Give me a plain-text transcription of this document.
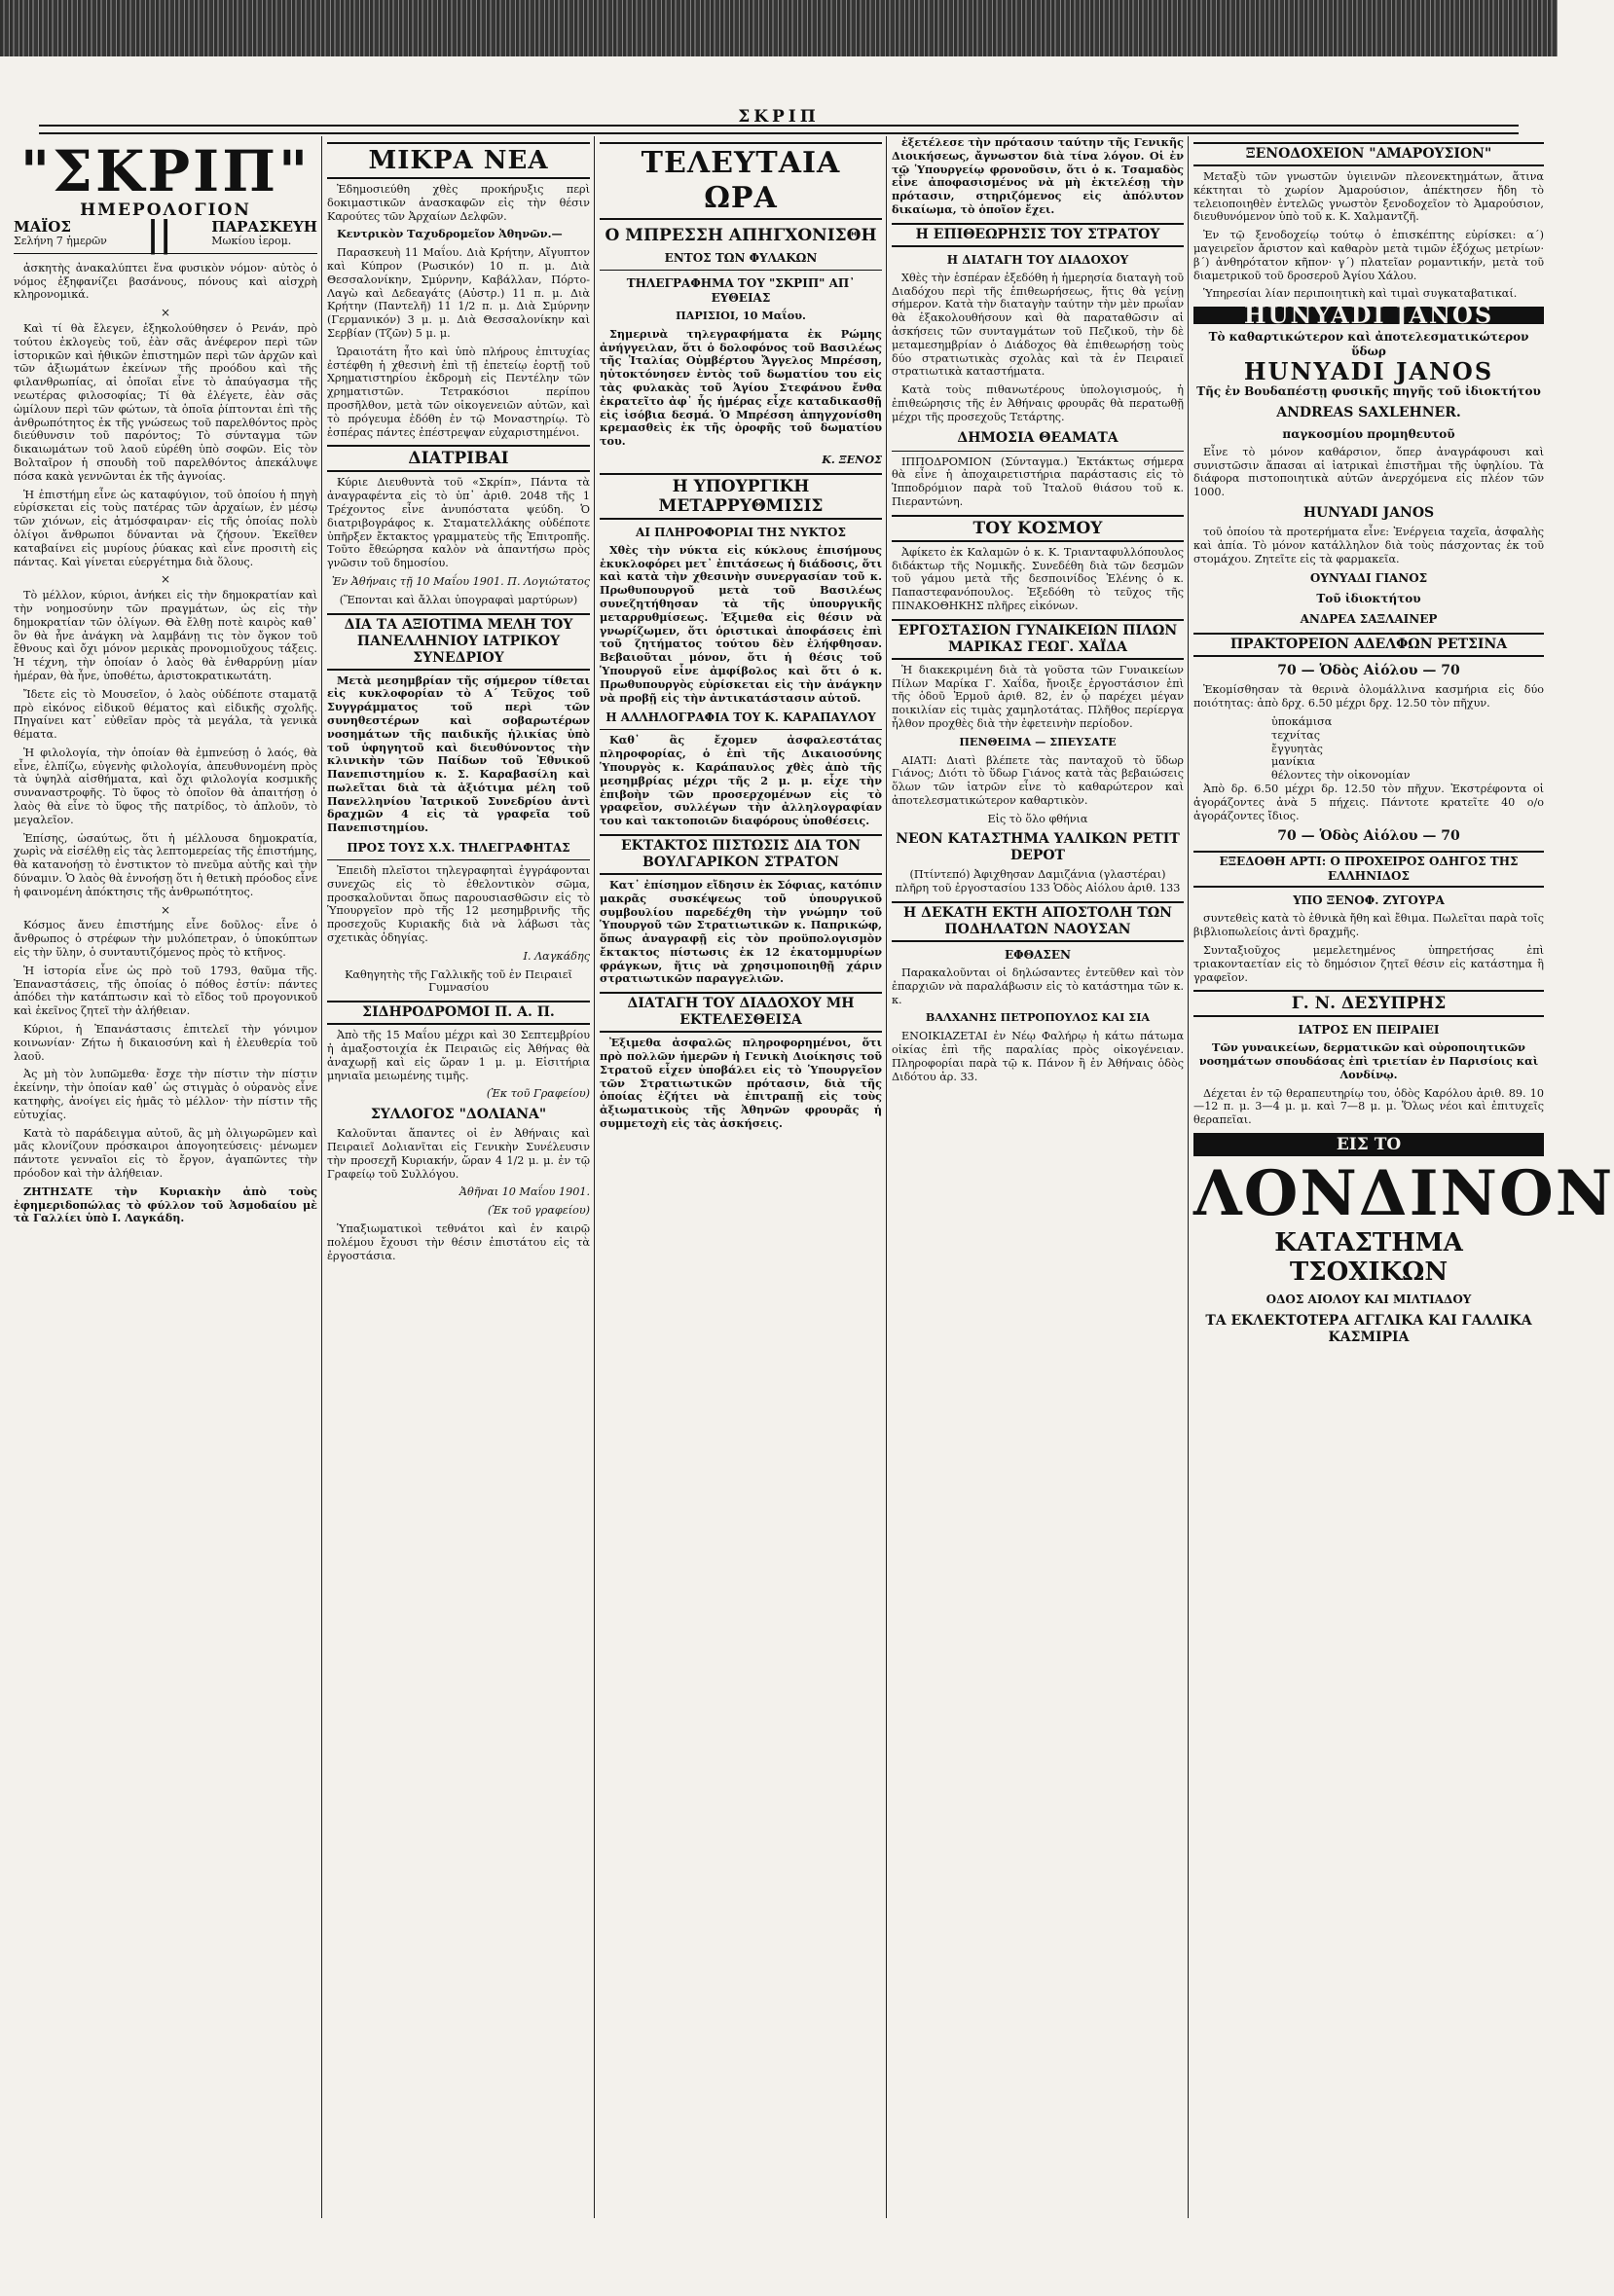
ΣΚΡΙΠ
"ΣΚΡΙΠ"
ΗΜΕΡΟΛΟΓΙΟΝ
ΜΑΪΟΣ
Σελήνη 7 ἡμερῶν ||	ΠΑΡΑΣΚΕΥΗ
Μωκίου ἱερομ.

ἀσκητὴς ἀνακαλύπτει ἕνα φυσικὸν νόμον· αὐτὸς ὁ νόμος ἐξηφανίζει βασάνους, πόνους καὶ αἰσχρὴ κληρονομικά.

×

Καὶ τί θὰ ἔλεγεν, ἐξηκολούθησεν ὁ Ρενάν, πρὸ τούτου ἐκλογεὺς τοῦ, ἐὰν σᾶς ἀνέφερον περὶ τῶν ἱστορικῶν καὶ ἠθικῶν ἐπιστημῶν περὶ τῶν ἀρχῶν καὶ τῶν ἀξιωμάτων ἐκείνων τῆς προόδου καὶ τῆς φιλανθρωπίας, αἱ ὁποῖαι εἶνε τὸ ἀπαύγασμα τῆς νεωτέρας φιλοσοφίας; Τί θὰ ἐλέγετε, ἐὰν σᾶς ὡμίλουν περὶ τῶν φώτων, τὰ ὁποῖα ῥίπτονται ἐπὶ τῆς ἀνθρωπότητος ἐκ τῆς γνώσεως τοῦ παρελθόντος πρὸς διεύθυνσιν τοῦ παρόντος; Τὸ σύνταγμα τῶν δικαιωμάτων τοῦ λαοῦ εὑρέθη ὑπὸ σοφῶν. Εἰς τὸν Βολταῖρον ἡ σπουδὴ τοῦ παρελθόντος ἀπεκάλυψε πόσα κακὰ γεννῶνται ἐκ τῆς ἀγνοίας.

Ἡ ἐπιστήμη εἶνε ὡς καταφύγιον, τοῦ ὁποίου ἡ πηγὴ εὑρίσκεται εἰς τοὺς πατέρας τῶν ἀρχαίων, ἐν μέσῳ τῶν χιόνων, εἰς ἀτμόσφαιραν· εἰς τῆς ὁποίας πολὺ ὀλίγοι ἄνθρωποι δύνανται νὰ ζήσουν. Ἐκεῖθεν καταβαίνει εἰς μυρίους ῥύακας καὶ εἶνε προσιτὴ εἰς πάντας. Καὶ γίνεται εὐεργέτημα διὰ ὅλους.

×

Τὸ μέλλον, κύριοι, ἀνήκει εἰς τὴν δημοκρατίαν καὶ τὴν νοημοσύνην τῶν πραγμάτων, ὡς εἰς τὴν δημοκρατίαν τῶν ὀλίγων. Θὰ ἔλθῃ ποτὲ καιρὸς καθ᾽ ὃν θὰ ἦνε ἀνάγκη νὰ λαμβάνῃ τις τὸν ὄγκον τοῦ ἔθνους καὶ ὄχι μόνον μερικὰς προνομιοῦχους τάξεις. Ἡ τέχνη, τὴν ὁποίαν ὁ λαὸς θὰ ἐνθαρρύνῃ μίαν ἡμέραν, θὰ ἦνε, ὑποθέτω, ἀριστοκρατικωτάτη.

Ἴδετε εἰς τὸ Μουσεῖον, ὁ λαὸς οὐδέποτε σταματᾷ πρὸ εἰκόνος εἰδικοῦ θέματος καὶ εἰδικῆς σχολῆς. Πηγαίνει κατ᾽ εὐθεῖαν πρὸς τὰ μεγάλα, τὰ γενικὰ θέματα.

Ἡ φιλολογία, τὴν ὁποίαν θὰ ἐμπνεύσῃ ὁ λαός, θὰ εἶνε, ἐλπίζω, εὐγενὴς φιλολογία, ἀπευθυνομένη πρὸς τὰ ὑψηλὰ αἰσθήματα, καὶ ὄχι φιλολογία κοσμικῆς συναναστροφῆς. Τὸ ὕφος τὸ ὁποῖον θὰ ἀπαιτήσῃ ὁ λαὸς θὰ εἶνε τὸ ὕφος τῆς πατρίδος, τὸ ἁπλοῦν, τὸ μεγαλεῖον.

Ἐπίσης, ὡσαύτως, ὅτι ἡ μέλλουσα δημοκρατία, χωρὶς νὰ εἰσέλθῃ εἰς τὰς λεπτομερείας τῆς ἐπιστήμης, θὰ κατανοήσῃ τὸ ἐνστικτον τὸ πνεῦμα αὐτῆς καὶ τὴν δύναμιν. Ὁ λαὸς θὰ ἐννοήσῃ ὅτι ἡ θετικὴ πρόοδος εἶνε ἡ φαινομένη ἀπόκτησις τῆς ἀνθρωπότητος.

×

Κόσμος ἄνευ ἐπιστήμης εἶνε δοῦλος· εἶνε ὁ ἄνθρωπος ὁ στρέφων τὴν μυλόπετραν, ὁ ὑποκύπτων εἰς τὴν ὕλην, ὁ συνταυτιζόμενος πρὸς τὸ κτῆνος.

Ἡ ἱστορία εἶνε ὡς πρὸ τοῦ 1793, θαῦμα τῆς. Ἐπαναστάσεις, τῆς ὁποίας ὁ πόθος ἐστίν: πάντες ἀπόδει τὴν κατάπτωσιν καὶ τὸ εἴδος τοῦ προγονικοῦ καὶ ἐκεῖνος ζητεῖ τὴν ἀλήθειαν.

Κύριοι, ἡ Ἐπανάστασις ἐπιτελεῖ τὴν γόνιμον κοινωνίαν· Ζήτω ἡ δικαιοσύνη καὶ ἡ ἐλευθερία τοῦ λαοῦ.

Ἀς μὴ τὸν λυπῶμεθα· ἔσχε τὴν πίστιν τὴν πίστιν ἐκείνην, τὴν ὁποίαν καθ᾽ ὡς στιγμὰς ὁ οὐρανὸς εἶνε κατηφὴς, ἀνοίγει εἰς ἡμᾶς τὸ μέλλον· τὴν πίστιν τῆς εὐτυχίας.

Κατὰ τὸ παράδειγμα αὐτοῦ, ἂς μὴ ὀλιγωρῶμεν καὶ μᾶς κλονίζουν πρόσκαιροι ἀπογοητεύσεις· μένωμεν πάντοτε γενναῖοι εἰς τὸ ἔργον, ἀγαπῶντες τὴν πρόοδον καὶ τὴν ἀλήθειαν.

ΖΗΤΗΣΑΤΕ τὴν Κυριακὴν ἀπὸ τοὺς ἐφημεριδοπώλας τὸ φύλλον τοῦ Ἀσμοδαίου μὲ τὰ Γαλλίει ὑπὸ Ι. Λαγκάδη.

ΜΙΚΡΑ ΝΕΑ

Ἐδημοσιεύθη χθὲς προκήρυξις περὶ δοκιμαστικῶν ἀνασκαφῶν εἰς τὴν θέσιν Καρούτες τῶν Ἀρχαίων Δελφῶν.

Κεντρικὸν Ταχυδρομεῖον Ἀθηνῶν.—

Παρασκευὴ 11 Μαΐου. Διὰ Κρήτην, Αἴγυπτον καὶ Κύπρον (Ρωσικόν) 10 π. μ. Διὰ Θεσσαλονίκην, Σμύρνην, Καβάλλαν, Πόρτο-Λαγὼ καὶ Δεδεαγάτς (Αὐστρ.) 11 π. μ. Διὰ Κρήτην (Παντελῆ) 11 1/2 π. μ. Διὰ Σμύρνην (Γερμανικόν) 3 μ. μ. Διὰ Θεσσαλονίκην καὶ Σερβίαν (Τζῶν) 5 μ. μ.

Ὡραιοτάτη ἦτο καὶ ὑπὸ πλήρους ἐπιτυχίας ἐστέφθη ἡ χθεσινὴ ἐπὶ τῇ ἐπετείῳ ἑορτῇ τοῦ Χρηματιστηρίου ἐκδρομὴ εἰς Πεντέλην τῶν χρηματιστῶν. Τετρακόσιοι περίπου προσῆλθον, μετὰ τῶν οἰκογενειῶν αὐτῶν, καὶ τὸ πρόγευμα ἐδόθη ἐν τῷ Μοναστηρίῳ. Τὸ ἐσπέρας πάντες ἐπέστρεψαν εὐχαριστημένοι.

ΔΙΑΤΡΙΒΑΙ

Κύριε Διευθυντὰ τοῦ «Σκρίπ», Πάντα τὰ ἀναγραφέντα εἰς τὸ ὑπ᾽ ἀριθ. 2048 τῆς 1 Τρέχοντος εἶνε ἀνυπόστατα ψεύδη. Ὁ διατριβογράφος κ. Σταματελλάκης οὐδέποτε ὑπῆρξεν ἔκτακτος γραμματεὺς τῆς Ἐπιτροπῆς. Τοῦτο ἔθεώρησα καλὸν νὰ ἀπαντήσω πρὸς γνῶσιν τοῦ δημοσίου.

Ἐν Ἀθήναις τῇ 10 Μαΐου 1901. Π. Λογιώτατος

(Ἕπονται καὶ ἄλλαι ὑπογραφαὶ μαρτύρων)

ΔΙΑ ΤΑ ΑΞΙΟΤΙΜΑ ΜΕΛΗ ΤΟΥ ΠΑΝΕΛΛΗΝΙΟΥ ΙΑΤΡΙΚΟΥ ΣΥΝΕΔΡΙΟΥ

Μετὰ μεσημβρίαν τῆς σήμερον τίθεται εἰς κυκλοφορίαν τὸ Α´ Τεῦχος τοῦ Συγγράμματος τοῦ περὶ τῶν συνηθεστέρων καὶ σοβαρωτέρων νοσημάτων τῆς παιδικῆς ἡλικίας ὑπὸ τοῦ ὑφηγητοῦ καὶ διευθύνοντος τὴν κλινικὴν τῶν Παίδων τοῦ Ἐθνικοῦ Πανεπιστημίου κ. Σ. Καραβασίλη καὶ πωλεῖται διὰ τὰ ἀξιότιμα μέλη τοῦ Πανελληνίου Ἰατρικοῦ Συνεδρίου ἀντὶ δραχμῶν 4 εἰς τὰ γραφεῖα τοῦ Πανεπιστημίου.

ΠΡΟΣ ΤΟΥΣ Χ.Χ. ΤΗΛΕΓΡΑΦΗΤΑΣ

Ἐπειδὴ πλεῖστοι τηλεγραφηταὶ ἐγγράφονται συνεχῶς εἰς τὸ ἐθελοντικὸν σῶμα, προσκαλοῦνται ὅπως παρουσιασθῶσιν εἰς τὸ Ὑπουργεῖον πρὸ τῆς 12 μεσημβρινῆς τῆς προσεχοῦς Κυριακῆς διὰ νὰ λάβωσι τὰς σχετικὰς ὁδηγίας.

Ι. Λαγκάδης

Καθηγητὴς τῆς Γαλλικῆς τοῦ ἐν Πειραιεῖ Γυμνασίου

ΣΙΔΗΡΟΔΡΟΜΟΙ Π. Α. Π.

Ἀπὸ τῆς 15 Μαΐου μέχρι καὶ 30 Σεπτεμβρίου ἡ ἀμαξοστοιχία ἐκ Πειραιῶς εἰς Ἀθήνας θὰ ἀναχωρῇ καὶ εἰς ὥραν 1 μ. μ. Εἰσιτήρια μηνιαῖα μειωμένης τιμῆς.

(Ἐκ τοῦ Γραφείου)

ΣΥΛΛΟΓΟΣ "ΔΟΛΙΑΝΑ"

Καλοῦνται ἅπαντες οἱ ἐν Ἀθήναις καὶ Πειραιεῖ Δολιανῖται εἰς Γενικὴν Συνέλευσιν τὴν προσεχῆ Κυριακήν, ὥραν 4 1/2 μ. μ. ἐν τῷ Γραφείῳ τοῦ Συλλόγου.

Ἀθῆναι 10 Μαΐου 1901.

(Ἐκ τοῦ γραφείου)

Ὑπαξιωματικοὶ τεθνάτοι καὶ ἐν καιρῷ πολέμου ἔχουσι τὴν θέσιν ἐπιστάτου εἰς τὰ ἐργοστάσια.

ΤΕΛΕΥΤΑΙΑ ΩΡΑ
Ο ΜΠΡΕΣΣΗ ΑΠΗΓΧΟΝΙΣΘΗ
ΕΝΤΟΣ ΤΩΝ ΦΥΛΑΚΩΝ
ΤΗΛΕΓΡΑΦΗΜΑ ΤΟΥ "ΣΚΡΙΠ" ΑΠ᾽ ΕΥΘΕΙΑΣ

ΠΑΡΙΣΙΟΙ, 10 Μαΐου.

Σημερινὰ τηλεγραφήματα ἐκ Ρώμης ἀνήγγειλαν, ὅτι ὁ δολοφόνος τοῦ Βασιλέως τῆς Ἰταλίας Οὑμβέρτου Ἄγγελος Μπρέσση, ηὑτοκτόνησεν ἐντὸς τοῦ δωματίου του εἰς τὰς φυλακὰς τοῦ Ἁγίου Στεφάνου ἔνθα ἐκρατεῖτο ἀφ᾽ ἧς ἡμέρας εἶχε καταδικασθῇ εἰς ἰσόβια δεσμά. Ὁ Μπρέσση ἀπηγχονίσθη κρεμασθεὶς ἐκ τῆς ὀροφῆς τοῦ δωματίου του.

Κ. ΞΕΝΟΣ

Η ΥΠΟΥΡΓΙΚΗ ΜΕΤΑΡΡΥΘΜΙΣΙΣ
ΑΙ ΠΛΗΡΟΦΟΡΙΑΙ ΤΗΣ ΝΥΚΤΟΣ

Χθὲς τὴν νύκτα εἰς κύκλους ἐπισήμους ἐκυκλοφόρει μετ᾽ ἐπιτάσεως ἡ διάδοσις, ὅτι καὶ κατὰ τὴν χθεσινὴν συνεργασίαν τοῦ κ. Πρωθυπουργοῦ μετὰ τοῦ Βασιλέως συνεζητήθησαν τὰ τῆς ὑπουργικῆς μεταρρυθμίσεως. Ἐξιμεθα εἰς θέσιν νὰ γνωρίζωμεν, ὅτι ὁριστικαὶ ἀποφάσεις ἐπὶ τοῦ ζητήματος τούτου δὲν ἐλήφθησαν. Βεβαιοῦται μόνον, ὅτι ἡ θέσις τοῦ Ὑπουργοῦ εἶνε ἀμφίβολος καὶ ὅτι ὁ κ. Πρωθυπουργὸς εὑρίσκεται εἰς τὴν ἀνάγκην νὰ προβῇ εἰς τὴν ἀντικατάστασιν αὐτοῦ.

Η ΑΛΛΗΛΟΓΡΑΦΙΑ ΤΟΥ Κ. ΚΑΡΑΠΑΥΛΟΥ

Καθ᾽ ἃς ἔχομεν ἀσφαλεστάτας πληροφορίας, ὁ ἐπὶ τῆς Δικαιοσύνης Ὑπουργὸς κ. Καράπαυλος χθὲς ἀπὸ τῆς μεσημβρίας μέχρι τῆς 2 μ. μ. εἶχε τὴν ἐπιβοὴν τῶν προσερχομένων εἰς τὸ γραφεῖον, συλλέγων τὴν ἀλληλογραφίαν του καὶ τακτοποιῶν διαφόρους ὑποθέσεις.

ΕΚΤΑΚΤΟΣ ΠΙΣΤΩΣΙΣ ΔΙΑ ΤΟΝ ΒΟΥΛΓΑΡΙΚΟΝ ΣΤΡΑΤΟΝ

Κατ᾽ ἐπίσημον εἴδησιν ἐκ Σόφιας, κατόπιν μακρᾶς συσκέψεως τοῦ ὑπουργικοῦ συμβουλίου παρεδέχθη τὴν γνώμην τοῦ Ὑπουργοῦ τῶν Στρατιωτικῶν κ. Παπρικώφ, ὅπως ἀναγραφῇ εἰς τὸν προϋπολογισμὸν ἔκτακτος πίστωσις ἐκ 12 ἑκατομμυρίων φράγκων, ἥτις νὰ χρησιμοποιηθῇ χάριν στρατιωτικῶν παραγγελιῶν.

ΔΙΑΤΑΓΗ ΤΟΥ ΔΙΑΔΟΧΟΥ ΜΗ ΕΚΤΕΛΕΣΘΕΙΣΑ

Ἐξιμεθα ἀσφαλῶς πληροφορημένοι, ὅτι πρὸ πολλῶν ἡμερῶν ἡ Γενικὴ Διοίκησις τοῦ Στρατοῦ εἶχεν ὑποβάλει εἰς τὸ Ὑπουργεῖον τῶν Στρατιωτικῶν πρότασιν, διὰ τῆς ὁποίας ἐζήτει νὰ ἐπιτραπῇ εἰς τοὺς ἀξιωματικοὺς τῆς Ἀθηνῶν φρουρᾶς ἡ συμμετοχὴ εἰς τὰς ἀσκήσεις.

ἐξετέλεσε τὴν πρότασιν ταύτην τῆς Γενικῆς Διοικήσεως, ἄγνωστον διὰ τίνα λόγον. Οἱ ἐν τῷ Ὑπουργείῳ φρονοῦσιν, ὅτι ὁ κ. Τσαμαδὸς εἶνε ἀποφασισμένος νὰ μὴ ἐκτελέσῃ τὴν πρότασιν, στηριζόμενος εἰς ἀπόλυτον δικαίωμα, τὸ ὁποῖον ἔχει.

Η ΕΠΙΘΕΩΡΗΣΙΣ ΤΟΥ ΣΤΡΑΤΟΥ
Η ΔΙΑΤΑΓΗ ΤΟΥ ΔΙΑΔΟΧΟΥ

Χθὲς τὴν ἑσπέραν ἐξεδόθη ἡ ἡμερησία διαταγὴ τοῦ Διαδόχου περὶ τῆς ἐπιθεωρήσεως, ἥτις θὰ γείνῃ σήμερον. Κατὰ τὴν διαταγὴν ταύτην τὴν μὲν πρωΐαν θὰ ἐξακολουθήσουν καὶ θὰ παραταθῶσιν αἱ ἀσκήσεις τῶν συνταγμάτων τοῦ Πεζικοῦ, τὴν δὲ μεταμεσημβρίαν ὁ Διάδοχος θὰ ἐπιθεωρήσῃ τοὺς δύο στρατιωτικὰς σχολὰς καὶ τὰ ἐν Πειραιεῖ στρατιωτικὰ καταστήματα.

Κατὰ τοὺς πιθανωτέρους ὑπολογισμούς, ἡ ἐπιθεώρησις τῆς ἐν Ἀθήναις φρουρᾶς θὰ περατωθῇ μέχρι τῆς προσεχοῦς Τετάρτης.

ΔΗΜΟΣΙΑ ΘΕΑΜΑΤΑ

ΙΠΠΟΔΡΟΜΙΟΝ (Σύνταγμα.) Ἐκτάκτως σήμερα θὰ εἶνε ἡ ἀποχαιρετιστήρια παράστασις εἰς τὸ Ἱπποδρόμιον παρὰ τοῦ Ἰταλοῦ θιάσου τοῦ κ. Πιεραντώνη.

ΤΟΥ ΚΟΣΜΟΥ

Ἀφίκετο ἐκ Καλαμῶν ὁ κ. Κ. Τριανταφυλλόπουλος διδάκτωρ τῆς Νομικῆς. Συνεδέθη διὰ τῶν δεσμῶν τοῦ γάμου μετὰ τῆς δεσποινίδος Ἑλένης ὁ κ. Παπαστεφανόπουλος. Ἐξεδόθη τὸ τεῦχος τῆς ΠΙΝΑΚΟΘΗΚΗΣ πλῆρες εἰκόνων.

ΕΡΓΟΣΤΑΣΙΟΝ ΓΥΝΑΙΚΕΙΩΝ ΠΙΛΩΝ ΜΑΡΙΚΑΣ ΓΕΩΓ. ΧΑΪΔΑ

Ἡ διακεκριμένη διὰ τὰ γοῦστα τῶν Γυναικείων Πίλων Μαρίκα Γ. Χαΐδα, ἤνοιξε ἐργοστάσιον ἐπὶ τῆς ὁδοῦ Ἑρμοῦ ἀριθ. 82, ἐν ᾧ παρέχει μέγαν ποικιλίαν εἰς τιμὰς χαμηλοτάτας. Πλῆθος περίεργα ἦλθον προχθὲς διὰ τὴν ἐφετεινὴν περίοδον.

ΠΕΝΘΕΙΜΑ — ΣΠΕΥΣΑΤΕ

ΑΙΑΤΙ: Διατὶ βλέπετε τὰς πανταχοῦ τὸ ὕδωρ Γιάνος; Διότι τὸ ὕδωρ Γιάνος κατὰ τὰς βεβαιώσεις ὅλων τῶν ἰατρῶν εἶνε τὸ καθαρώτερον καὶ ἀποτελεσματικώτερον καθαρτικὸν.

Εἰς τὸ ὅλο φθήνια

ΝΕΟΝ ΚΑΤΑΣΤΗΜΑ ΥΑΛΙΚΩΝ PETIT DEPOT

(Πτίντεπό) Ἀφιχθησαν Δαμιζάνια (γλαστέραι) πλῆρη τοῦ ἐργοστασίου 133 Ὁδὸς Αἰόλου ἀριθ. 133

Η ΔΕΚΑΤΗ ΕΚΤΗ ΑΠΟΣΤΟΛΗ ΤΩΝ ΠΟΔΗΛΑΤΩΝ ΝΑΟΥΣΑΝ
ΕΦΘΑΣΕΝ

Παρακαλοῦνται οἱ δηλώσαντες ἐντεῦθεν καὶ τὸν ἐπαρχιῶν νὰ παραλάβωσιν εἰς τὸ κατάστημα τῶν κ. κ.

ΒΑΛΧΑΝΗΣ ΠΕΤΡΟΠΟΥΛΟΣ ΚΑΙ ΣΙΑ

ΕΝΟΙΚΙΑΖΕΤΑΙ ἐν Νέῳ Φαλήρῳ ἡ κάτω πάτωμα οἰκίας ἐπὶ τῆς παραλίας πρὸς οἰκογένειαν. Πληροφορίαι παρὰ τῷ κ. Πάνον ἢ ἐν Ἀθήναις ὁδὸς Διδότου ἀρ. 33.

ΞΕΝΟΔΟΧΕΙΟΝ "ΑΜΑΡΟΥΣΙΟΝ"

Μεταξὺ τῶν γνωστῶν ὑγιεινῶν πλεονεκτημάτων, ἅτινα κέκτηται τὸ χωρίον Ἀμαρούσιον, ἀπέκτησεν ἤδη τὸ τελειοποιηθὲν ἐντελῶς γνωστὸν ξενοδοχεῖον τὸ Ἀμαρούσιον, διευθυνόμενον ὑπὸ τοῦ κ. Κ. Χαλμαντζῆ.

Ἐν τῷ ξενοδοχείῳ τούτῳ ὁ ἐπισκέπτης εὑρίσκει: α´) μαγειρεῖον ἄριστον καὶ καθαρὸν μετὰ τιμῶν ἐξόχως μετρίων· β´) ἀνθηρότατον κῆπον· γ´) πλατεῖαν ρομαντικήν, μετὰ τοῦ διαμετρικοῦ τοῦ δροσεροῦ Ἀγίου Χάλου.

Ὑπηρεσίαι λίαν περιποιητικὴ καὶ τιμαὶ συγκαταβατικαί.

HUNYADI JANOS
Τὸ καθαρτικώτερον καὶ ἀποτελεσματικώτερον ὕδωρ
HUNYADI JANOS
Τῆς ἐν Βουδαπέστῃ φυσικῆς πηγῆς τοῦ ἰδιοκτήτου
ANDREAS SAXLEHNER.
παγκοσμίου προμηθευτοῦ

Εἶνε τὸ μόνον καθάρσιον, ὅπερ ἀναγράφουσι καὶ συνιστῶσιν ἅπασαι αἱ ἰατρικαὶ ἐπιστῆμαι τῆς ὑφηλίου. Τὰ διάφορα πιστοποιητικὰ αὐτῶν ἀνερχόμενα εἰς πλέον τῶν 1000.

HUNYADI JANOS

τοῦ ὁποίου τὰ προτερήματα εἶνε: Ἐνέργεια ταχεῖα, ἀσφαλὴς καὶ ἀπία. Τὸ μόνον κατάλληλον διὰ τοὺς πάσχοντας ἐκ τοῦ στομάχου. Ζητεῖτε εἰς τὰ φαρμακεῖα.

ΟΥΝΥΑΔΙ ΓΙΑΝΟΣ
Τοῦ ἰδιοκτήτου
ΑΝΔΡΕΑ ΣΑΞΛΑΙΝΕΡ
ΠΡΑΚΤΟΡΕΙΟΝ ΑΔΕΛΦΩΝ ΡΕΤΣΙΝΑ
70 — Ὁδὸς Αἰόλου — 70

Ἐκομίσθησαν τὰ θερινὰ ὁλομάλλινα κασμήρια εἰς δύο ποιότητας: ἀπὸ δρχ. 6.50 μέχρι δρχ. 12.50 τὸν πῆχυν.

ὑποκάμισα

τεχνίτας

ἔγγυητὰς

μανίκια

θέλοντες τὴν οἰκονομίαν

Ἀπὸ δρ. 6.50 μέχρι δρ. 12.50 τὸν πῆχυν. Ἐκστρέφοντα οἱ ἀγοράζοντες ἀνὰ 5 πήχεις. Πάντοτε κρατεῖτε 40 ο/ο ἀγοράζοντες ἴδιος.

70 — Ὁδὸς Αἰόλου — 70
ΕΞΕΔΟΘΗ ΑΡΤΙ: Ο ΠΡΟΧΕΙΡΟΣ ΟΔΗΓΟΣ ΤΗΣ ΕΛΛΗΝΙΔΟΣ
ΥΠΟ ΞΕΝΟΦ. ΖΥΓΟΥΡΑ

συντεθεὶς κατὰ τὸ ἐθνικὰ ἤθη καὶ ἔθιμα. Πωλεῖται παρὰ τοῖς βιβλιοπωλείοις ἀντὶ δραχμῆς.

Συνταξιοῦχος μεμελετημένος ὑπηρετήσας ἐπὶ τριακονταετίαν εἰς τὸ δημόσιον ζητεῖ θέσιν εἰς κατάστημα ἢ γραφεῖον.

Γ. Ν. ΔΕΣΥΠΡΗΣ
ΙΑΤΡΟΣ ΕΝ ΠΕΙΡΑΙΕΙ

Τῶν γυναικείων, δερματικῶν καὶ οὐροποιητικῶν νοσημάτων σπουδάσας ἐπὶ τριετίαν ἐν Παρισίοις καὶ Λονδίνῳ.

Δέχεται ἐν τῷ θεραπευτηρίῳ του, ὁδὸς Καρόλου ἀριθ. 89. 10—12 π. μ. 3—4 μ. μ. καὶ 7—8 μ. μ. Ὅλως νέοι καὶ ἐπιτυχεῖς θεραπεῖαι.

ΕΙΣ ΤΟ
ΛΟΝΔΙΝΟΝ
ΚΑΤΑΣΤΗΜΑ ΤΣΟΧΙΚΩΝ
ΟΔΟΣ ΑΙΟΛΟΥ ΚΑΙ ΜΙΛΤΙΑΔΟΥ
ΤΑ ΕΚΛΕΚΤΟΤΕΡΑ ΑΓΓΛΙΚΑ ΚΑΙ ΓΑΛΛΙΚΑ ΚΑΣΜΙΡΙΑ
